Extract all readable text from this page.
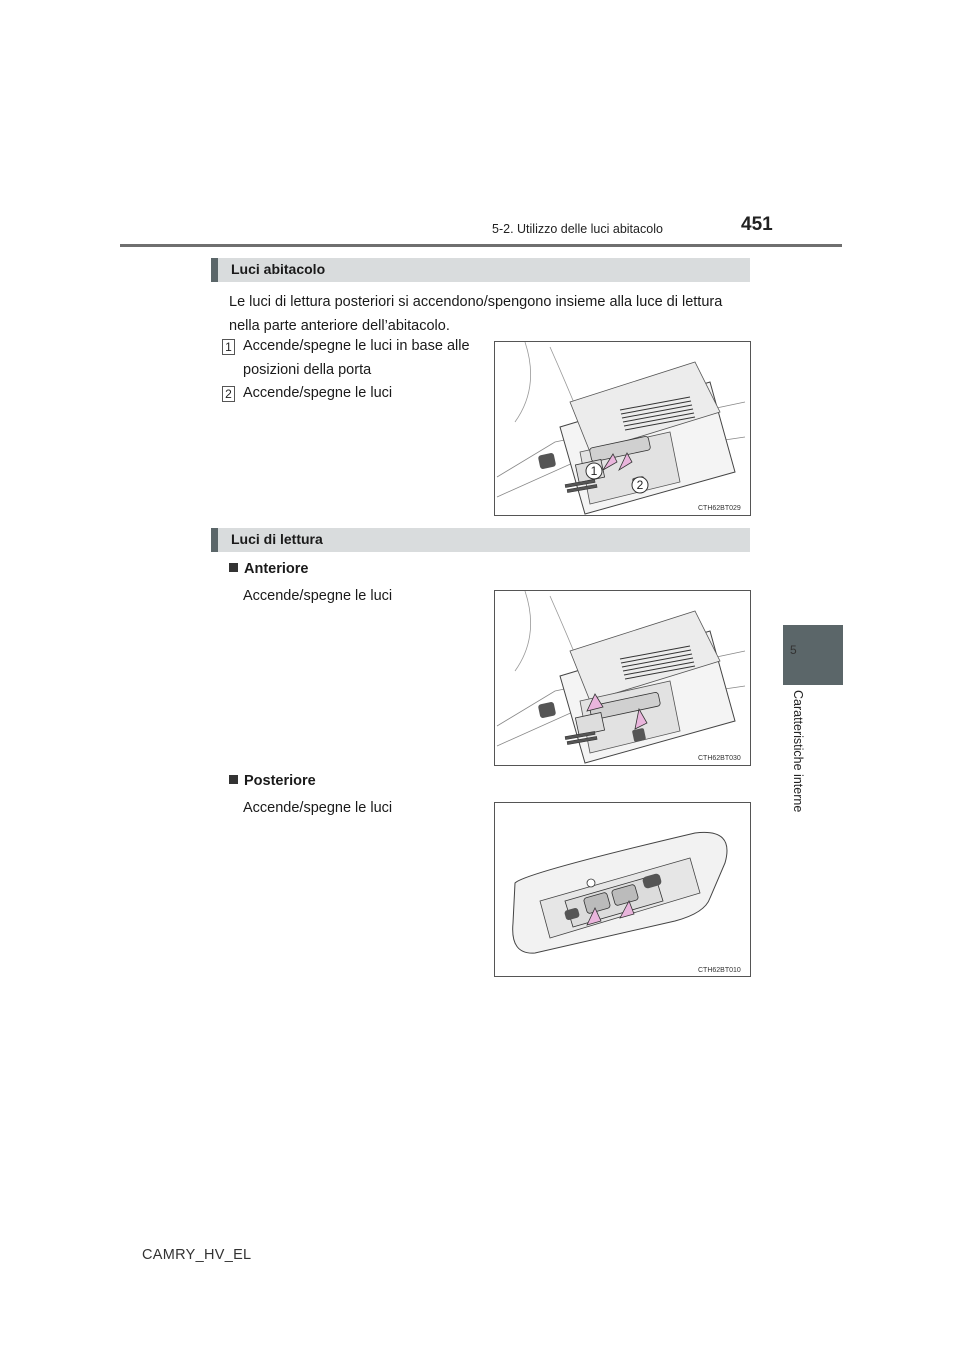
5-2. Utilizzo delle luci abitacolo	451
5
Caratteristiche interne
Luci abitacolo
Le luci di lettura posteriori si accendono/spengono insieme alla luce di lettura
nella parte anteriore dell’abitacolo.
1 Accende/spegne le luci in base alle
posizioni della porta
2 Accende/spegne le luci
1
2
CTH62BT029
Luci di lettura
Anteriore
Accende/spegne le luci
CTH62BT030
Posteriore
Accende/spegne le luci
CTH62BT010
CAMRY_HV_EL
